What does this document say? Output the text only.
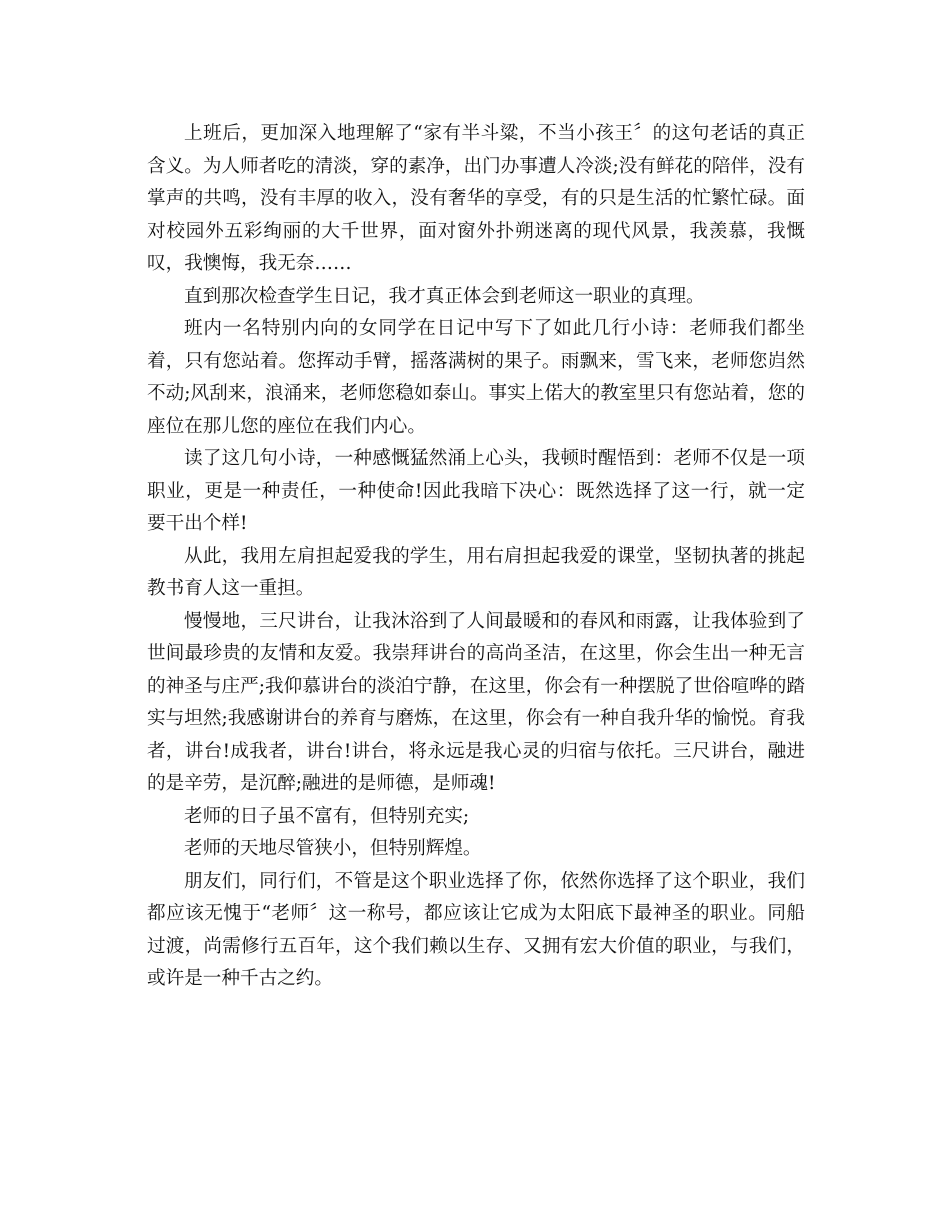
上班后，更加深入地理解了“家有半斗粱，不当小孩王〞的这句老话的真正含义。为人师者吃的清淡，穿的素净，出门办事遭人冷淡;没有鲜花的陪伴，没有掌声的共鸣，没有丰厚的收入，没有奢华的享受，有的只是生活的忙繁忙碌。面对校园外五彩绚丽的大千世界，面对窗外扑朔迷离的现代风景，我羡慕，我慨叹，我懊悔，我无奈……

直到那次检查学生日记，我才真正体会到老师这一职业的真理。

班内一名特别内向的女同学在日记中写下了如此几行小诗：老师我们都坐着，只有您站着。您挥动手臂，摇落满树的果子。雨飘来，雪飞来，老师您岿然不动;风刮来，浪涌来，老师您稳如泰山。事实上偌大的教室里只有您站着，您的座位在那儿您的座位在我们内心。

读了这几句小诗，一种感慨猛然涌上心头，我顿时醒悟到：老师不仅是一项职业，更是一种责任，一种使命!因此我暗下决心：既然选择了这一行，就一定要干出个样!

从此，我用左肩担起爱我的学生，用右肩担起我爱的课堂，坚韧执著的挑起教书育人这一重担。

慢慢地，三尺讲台，让我沐浴到了人间最暖和的春风和雨露，让我体验到了世间最珍贵的友情和友爱。我崇拜讲台的高尚圣洁，在这里，你会生出一种无言的神圣与庄严;我仰慕讲台的淡泊宁静，在这里，你会有一种摆脱了世俗喧哗的踏实与坦然;我感谢讲台的养育与磨炼，在这里，你会有一种自我升华的愉悦。育我者，讲台!成我者，讲台!讲台，将永远是我心灵的归宿与依托。三尺讲台，融进的是辛劳，是沉醉;融进的是师德，是师魂!

老师的日子虽不富有，但特别充实;

老师的天地尽管狭小，但特别辉煌。

朋友们，同行们，不管是这个职业选择了你，依然你选择了这个职业，我们都应该无愧于“老师〞这一称号，都应该让它成为太阳底下最神圣的职业。同船过渡，尚需修行五百年，这个我们赖以生存、又拥有宏大价值的职业，与我们，或许是一种千古之约。
